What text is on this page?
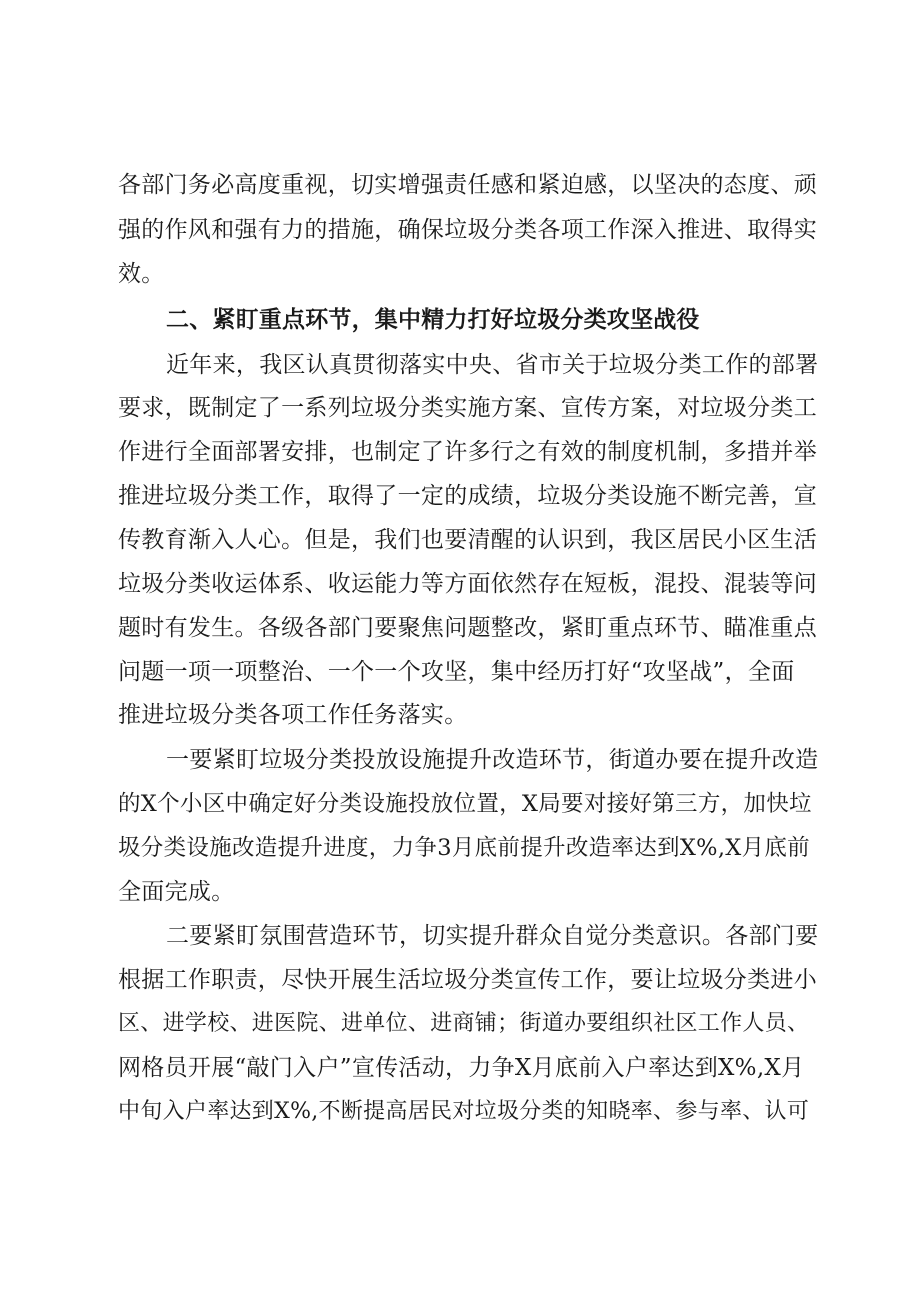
各部门务必高度重视，切实增强责任感和紧迫感，以坚决的态度、顽
强的作风和强有力的措施，确保垃圾分类各项工作深入推进、取得实
效。
二、紧盯重点环节，集中精力打好垃圾分类攻坚战役
近年来，我区认真贯彻落实中央、省市关于垃圾分类工作的部署
要求，既制定了一系列垃圾分类实施方案、宣传方案，对垃圾分类工
作进行全面部署安排，也制定了许多行之有效的制度机制，多措并举
推进垃圾分类工作，取得了一定的成绩，垃圾分类设施不断完善，宣
传教育渐入人心。但是，我们也要清醒的认识到，我区居民小区生活
垃圾分类收运体系、收运能力等方面依然存在短板，混投、混装等问
题时有发生。各级各部门要聚焦问题整改，紧盯重点环节、瞄准重点
问题一项一项整治、一个一个攻坚，集中经历打好“攻坚战”，全面
推进垃圾分类各项工作任务落实。
一要紧盯垃圾分类投放设施提升改造环节，街道办要在提升改造
的X个小区中确定好分类设施投放位置，X局要对接好第三方，加快垃
圾分类设施改造提升进度，力争3月底前提升改造率达到X%,X月底前
全面完成。
二要紧盯氛围营造环节，切实提升群众自觉分类意识。各部门要
根据工作职责，尽快开展生活垃圾分类宣传工作，要让垃圾分类进小
区、进学校、进医院、进单位、进商铺；街道办要组织社区工作人员、
网格员开展“敲门入户”宣传活动，力争X月底前入户率达到X%,X月
中旬入户率达到X%,不断提高居民对垃圾分类的知晓率、参与率、认可
